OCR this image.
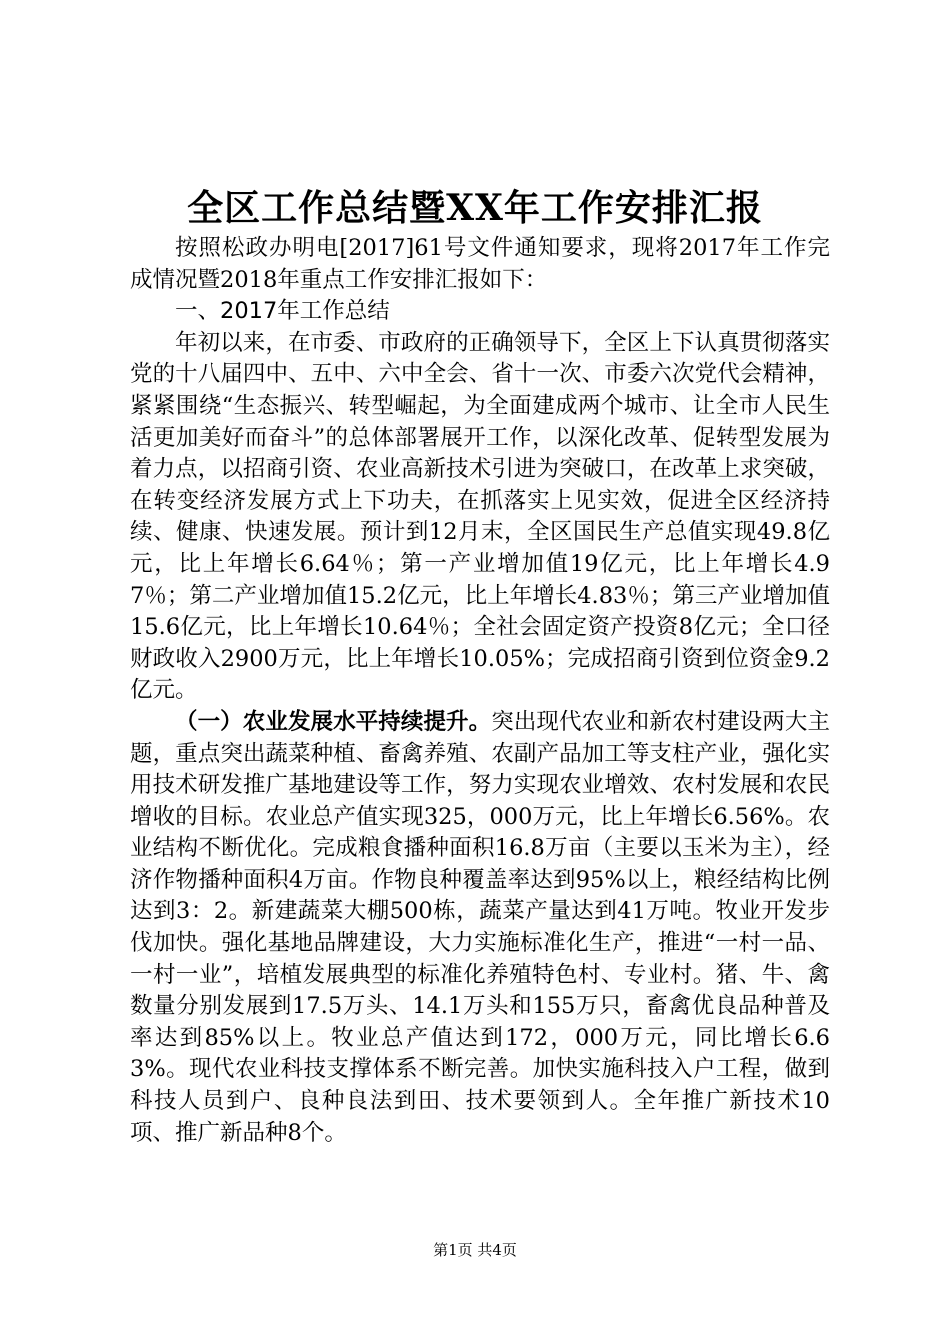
全区工作总结暨XX年工作安排汇报

按照松政办明电[2017]61号文件通知要求，现将2017年工作完成情况暨2018年重点工作安排汇报如下：

一、2017年工作总结

年初以来，在市委、市政府的正确领导下，全区上下认真贯彻落实党的十八届四中、五中、六中全会、省十一次、市委六次党代会精神，紧紧围绕“生态振兴、转型崛起，为全面建成两个城市、让全市人民生活更加美好而奋斗”的总体部署展开工作，以深化改革、促转型发展为着力点，以招商引资、农业高新技术引进为突破口，在改革上求突破，在转变经济发展方式上下功夫，在抓落实上见实效，促进全区经济持续、健康、快速发展。预计到12月末，全区国民生产总值实现49.8亿元，比上年增长6.64％；第一产业增加值19亿元，比上年增长4.97％；第二产业增加值15.2亿元，比上年增长4.83％；第三产业增加值15.6亿元，比上年增长10.64％；全社会固定资产投资8亿元；全口径财政收入2900万元，比上年增长10.05%；完成招商引资到位资金9.2亿元。

（一）农业发展水平持续提升。突出现代农业和新农村建设两大主题，重点突出蔬菜种植、畜禽养殖、农副产品加工等支柱产业，强化实用技术研发推广基地建设等工作，努力实现农业增效、农村发展和农民增收的目标。农业总产值实现325，000万元，比上年增长6.56%。农业结构不断优化。完成粮食播种面积16.8万亩（主要以玉米为主），经济作物播种面积4万亩。作物良种覆盖率达到95%以上，粮经结构比例达到3：2。新建蔬菜大棚500栋，蔬菜产量达到41万吨。牧业开发步伐加快。强化基地品牌建设，大力实施标准化生产，推进“一村一品、一村一业”，培植发展典型的标准化养殖特色村、专业村。猪、牛、禽数量分别发展到17.5万头、14.1万头和155万只，畜禽优良品种普及率达到85%以上。牧业总产值达到172，000万元，同比增长6.63%。现代农业科技支撑体系不断完善。加快实施科技入户工程，做到科技人员到户、良种良法到田、技术要领到人。全年推广新技术10项、推广新品种8个。

第1页 共4页
